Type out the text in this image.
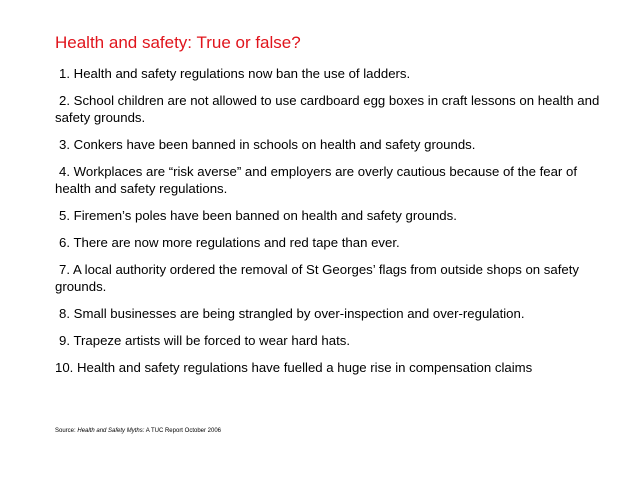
Health and safety: True or false?
1. Health and safety regulations now ban the use of ladders.
2. School children are not allowed to use cardboard egg boxes in craft lessons on health and safety grounds.
3. Conkers have been banned in schools on health and safety grounds.
4. Workplaces are “risk averse” and employers are overly cautious because of the fear of health and safety regulations.
5. Firemen’s poles have been banned on health and safety grounds.
6. There are now more regulations and red tape than ever.
7. A local authority ordered the removal of St Georges’ flags from outside shops on safety grounds.
8. Small businesses are being strangled by over-inspection and over-regulation.
9. Trapeze artists will be forced to wear hard hats.
10. Health and safety regulations have fuelled a huge rise in compensation claims
Source: Health and Safety Myths: A TUC Report October 2006
